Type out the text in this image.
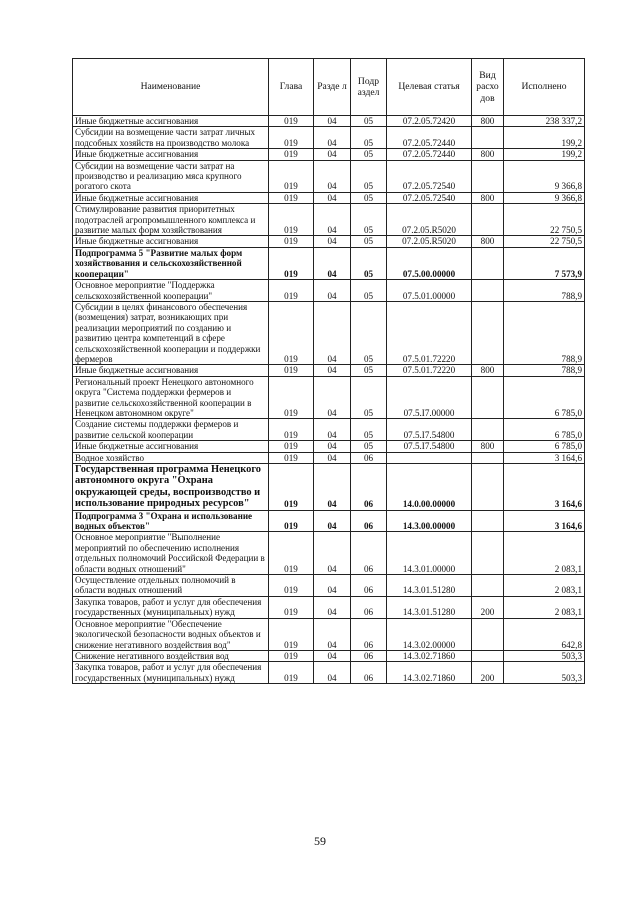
Наименование	Глава	Разде л	Подр аздел	Целевая статья	Вид расхо дов	Исполнено
Иные бюджетные ассигнования	019	04	05	07.2.05.72420	800	238 337,2
Субсидии на возмещение части затрат личных подсобных хозяйств на производство молока	019	04	05	07.2.05.72440		199,2
Иные бюджетные ассигнования	019	04	05	07.2.05.72440	800	199,2
Субсидии на возмещение части затрат на производство и реализацию мяса крупного рогатого скота	019	04	05	07.2.05.72540		9 366,8
Иные бюджетные ассигнования	019	04	05	07.2.05.72540	800	9 366,8
Стимулирование развития приоритетных подотраслей агропромышленного комплекса и развитие малых форм хозяйствования	019	04	05	07.2.05.R5020		22 750,5
Иные бюджетные ассигнования	019	04	05	07.2.05.R5020	800	22 750,5
Подпрограмма 5 "Развитие малых форм хозяйствования и сельскохозяйственной кооперации"	019	04	05	07.5.00.00000		7 573,9
Основное мероприятие "Поддержка сельскохозяйственной кооперации"	019	04	05	07.5.01.00000		788,9
Субсидии в целях финансового обеспечения (возмещения) затрат, возникающих при реализации мероприятий по созданию и развитию центра компетенций в сфере сельскохозяйственной кооперации и поддержки фермеров	019	04	05	07.5.01.72220		788,9
Иные бюджетные ассигнования	019	04	05	07.5.01.72220	800	788,9
Региональный проект Ненецкого автономного округа "Система поддержки фермеров и развитие сельскохозяйственной кооперации в Ненецком автономном округе"	019	04	05	07.5.I7.00000		6 785,0
Создание системы поддержки фермеров и развитие сельской кооперации	019	04	05	07.5.I7.54800		6 785,0
Иные бюджетные ассигнования	019	04	05	07.5.I7.54800	800	6 785,0
Водное хозяйство	019	04	06			3 164,6
Государственная программа Ненецкого автономного округа "Охрана окружающей среды, воспроизводство и использование природных ресурсов"	019	04	06	14.0.00.00000		3 164,6
Подпрограмма 3 "Охрана и использование водных объектов"	019	04	06	14.3.00.00000		3 164,6
Основное мероприятие "Выполнение мероприятий по обеспечению исполнения отдельных полномочий Российской Федерации в области водных отношений"	019	04	06	14.3.01.00000		2 083,1
Осуществление отдельных полномочий в области водных отношений	019	04	06	14.3.01.51280		2 083,1
Закупка товаров, работ и услуг для обеспечения государственных (муниципальных) нужд	019	04	06	14.3.01.51280	200	2 083,1
Основное мероприятие "Обеспечение экологической безопасности водных объектов и снижение негативного воздействия вод"	019	04	06	14.3.02.00000		642,8
Снижение негативного воздействия вод	019	04	06	14.3.02.71860		503,3
Закупка товаров, работ и услуг для обеспечения государственных (муниципальных) нужд	019	04	06	14.3.02.71860	200	503,3
59
